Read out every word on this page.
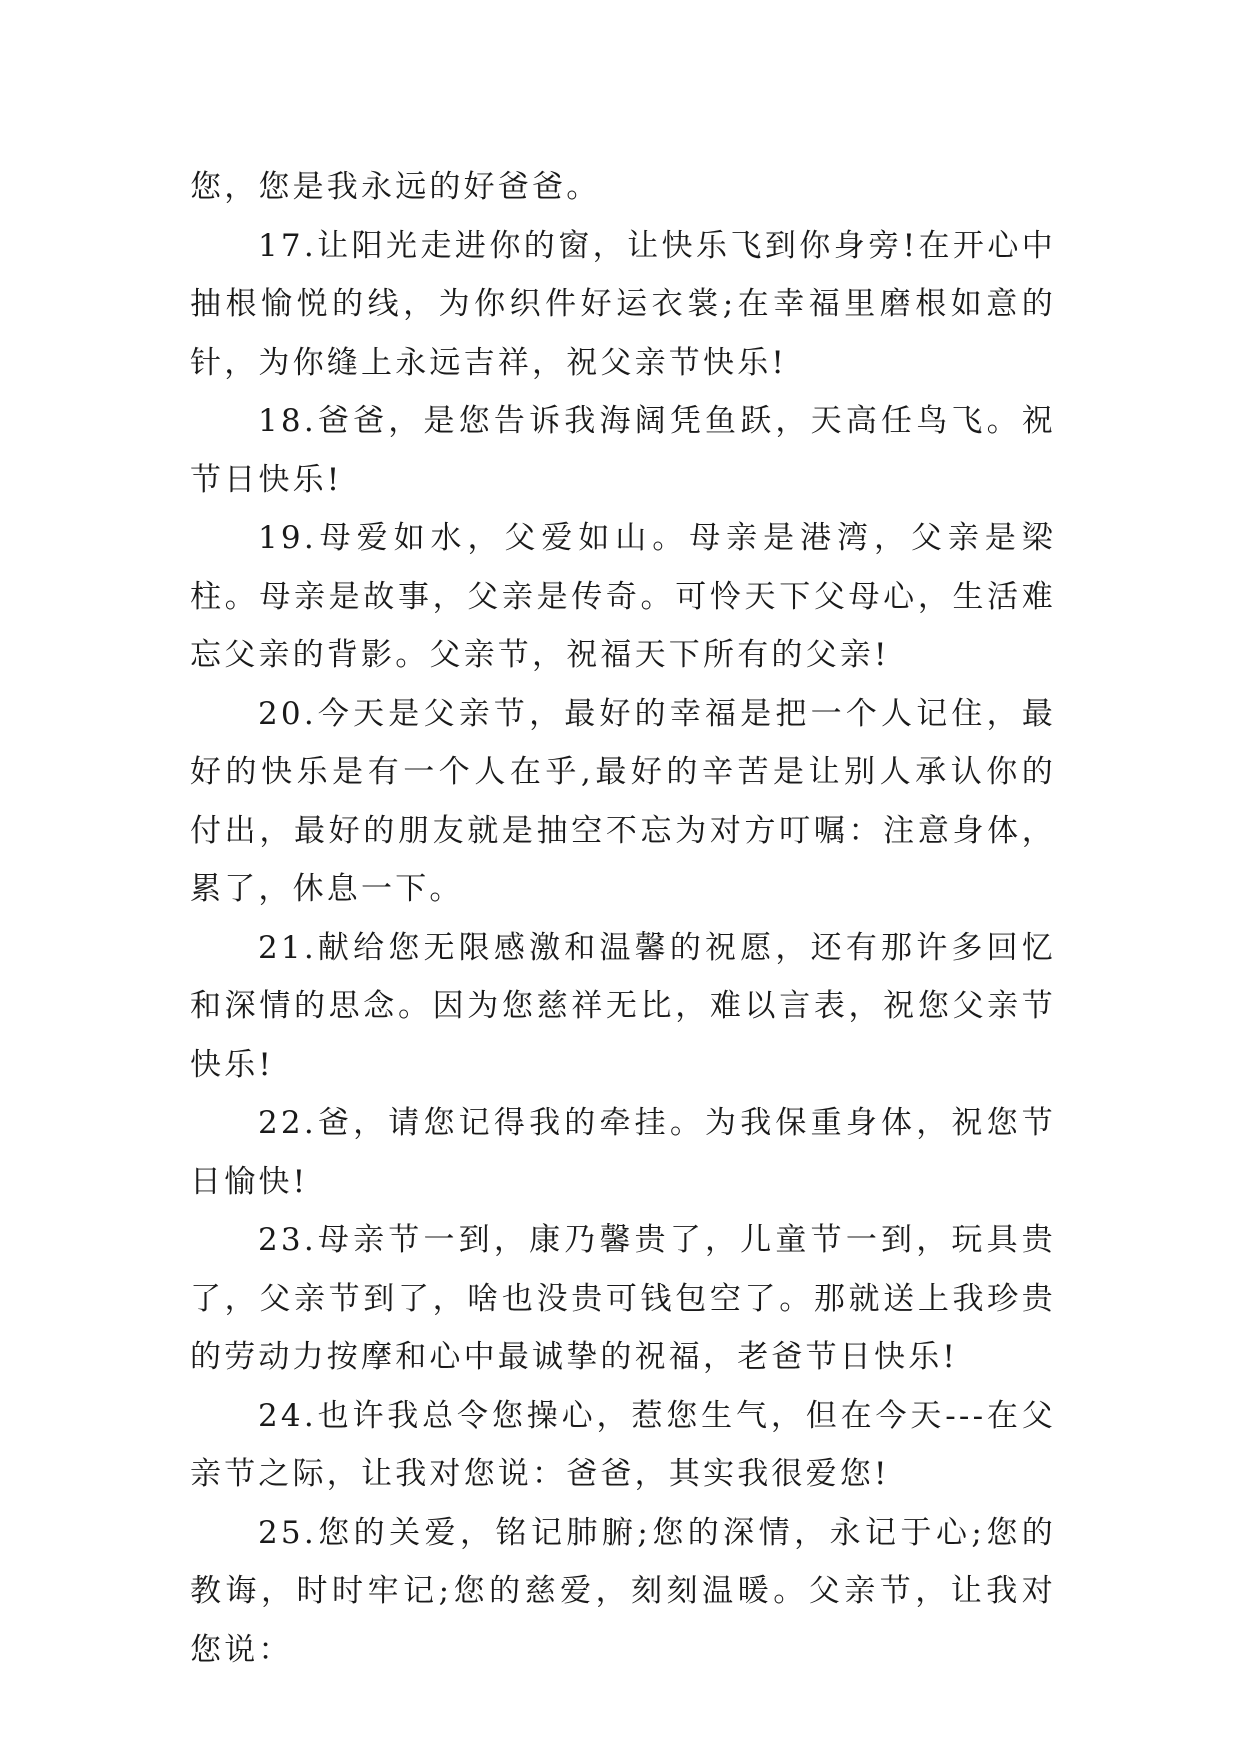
您，您是我永远的好爸爸。

17.让阳光走进你的窗，让快乐飞到你身旁!在开心中抽根愉悦的线，为你织件好运衣裳;在幸福里磨根如意的针，为你缝上永远吉祥，祝父亲节快乐!

18.爸爸，是您告诉我海阔凭鱼跃，天高任鸟飞。祝节日快乐!

19.母爱如水，父爱如山。母亲是港湾，父亲是梁柱。母亲是故事，父亲是传奇。可怜天下父母心，生活难忘父亲的背影。父亲节，祝福天下所有的父亲!

20.今天是父亲节，最好的幸福是把一个人记住，最好的快乐是有一个人在乎,最好的辛苦是让别人承认你的付出，最好的朋友就是抽空不忘为对方叮嘱：注意身体，累了，休息一下。

21.献给您无限感激和温馨的祝愿，还有那许多回忆和深情的思念。因为您慈祥无比，难以言表，祝您父亲节快乐!

22.爸，请您记得我的牵挂。为我保重身体，祝您节日愉快!

23.母亲节一到，康乃馨贵了，儿童节一到，玩具贵了，父亲节到了，啥也没贵可钱包空了。那就送上我珍贵的劳动力按摩和心中最诚挚的祝福，老爸节日快乐!

24.也许我总令您操心，惹您生气，但在今天---在父亲节之际，让我对您说：爸爸，其实我很爱您!

25.您的关爱，铭记肺腑;您的深情，永记于心;您的教诲，时时牢记;您的慈爱，刻刻温暖。父亲节，让我对您说：
